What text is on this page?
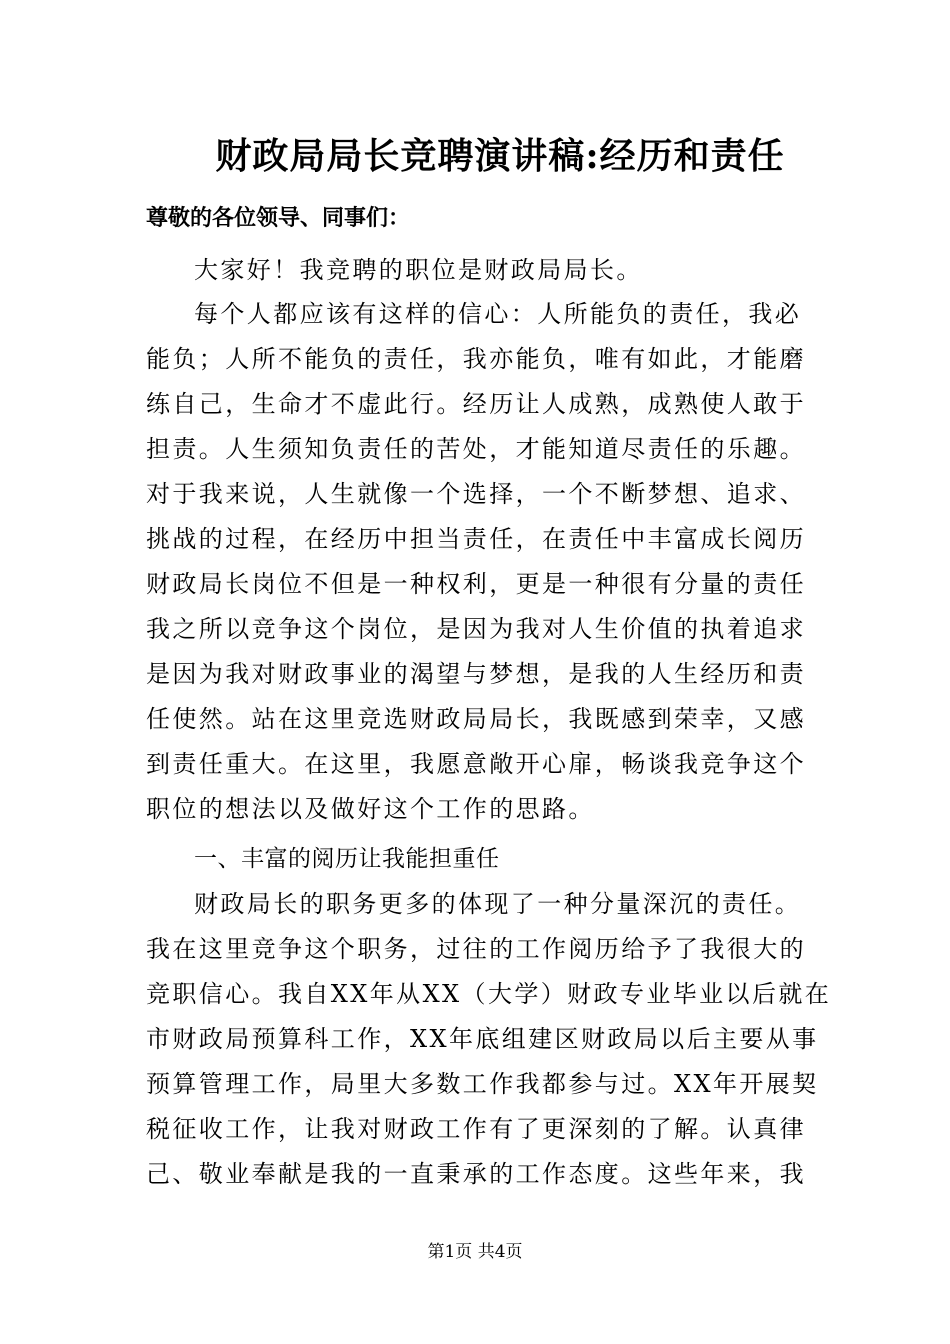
财政局局长竞聘演讲稿:经历和责任
尊敬的各位领导、同事们：
大家好！我竞聘的职位是财政局局长。
每个人都应该有这样的信心：人所能负的责任，我必
能负；人所不能负的责任，我亦能负，唯有如此，才能磨
练自己，生命才不虚此行。经历让人成熟，成熟使人敢于
担责。人生须知负责任的苦处，才能知道尽责任的乐趣。
对于我来说，人生就像一个选择，一个不断梦想、追求、
挑战的过程，在经历中担当责任，在责任中丰富成长阅历
财政局长岗位不但是一种权利，更是一种很有分量的责任
我之所以竞争这个岗位，是因为我对人生价值的执着追求
是因为我对财政事业的渴望与梦想，是我的人生经历和责
任使然。站在这里竞选财政局局长，我既感到荣幸，又感
到责任重大。在这里，我愿意敞开心扉，畅谈我竞争这个
职位的想法以及做好这个工作的思路。
一、丰富的阅历让我能担重任
财政局长的职务更多的体现了一种分量深沉的责任。
我在这里竞争这个职务，过往的工作阅历给予了我很大的
竞职信心。我自XX年从XX（大学）财政专业毕业以后就在
市财政局预算科工作，XX年底组建区财政局以后主要从事
预算管理工作，局里大多数工作我都参与过。XX年开展契
税征收工作，让我对财政工作有了更深刻的了解。认真律
己、敬业奉献是我的一直秉承的工作态度。这些年来，我
第1页 共4页
